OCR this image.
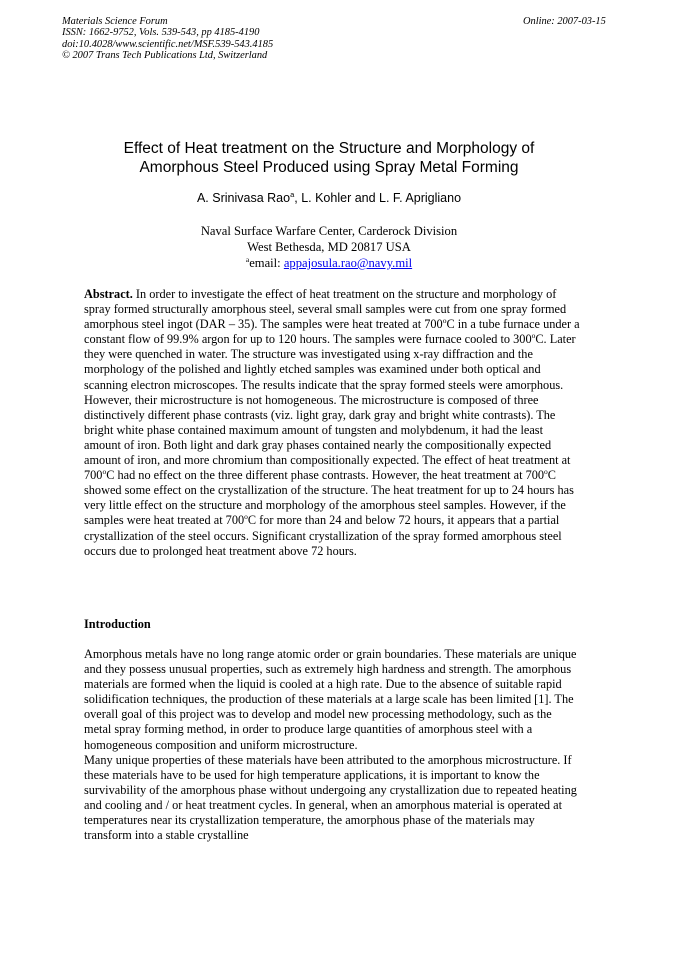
Materials Science Forum
ISSN: 1662-9752, Vols. 539-543, pp 4185-4190
doi:10.4028/www.scientific.net/MSF.539-543.4185
© 2007 Trans Tech Publications Ltd, Switzerland
Online: 2007-03-15
Effect of Heat treatment on the Structure and Morphology of
Amorphous Steel Produced using Spray Metal Forming
A. Srinivasa Rao$^a$, L. Kohler and L. F. Aprigliano
Naval Surface Warfare Center, Carderock Division
West Bethesda, MD 20817 USA
$^a$email: appajosula.rao@navy.mil

Abstract. In order to investigate the effect of heat treatment on the structure and morphology of spray formed structurally amorphous steel, several small samples were cut from one spray formed amorphous steel ingot (DAR – 35). The samples were heat treated at 700$^o$C in a tube furnace under a constant flow of 99.9% argon for up to 120 hours. The samples were furnace cooled to 300$^o$C. Later they were quenched in water. The structure was investigated using x-ray diffraction and the morphology of the polished and lightly etched samples was examined under both optical and scanning electron microscopes. The results indicate that the spray formed steels were amorphous. However, their microstructure is not homogeneous. The microstructure is composed of three distinctively different phase contrasts (viz. light gray, dark gray and bright white contrasts). The bright white phase contained maximum amount of tungsten and molybdenum, it had the least amount of iron. Both light and dark gray phases contained nearly the compositionally expected amount of iron, and more chromium than compositionally expected. The effect of heat treatment at 700$^o$C had no effect on the three different phase contrasts. However, the heat treatment at 700$^o$C showed some effect on the crystallization of the structure. The heat treatment for up to 24 hours has very little effect on the structure and morphology of the amorphous steel samples. However, if the samples were heat treated at 700$^o$C for more than 24 and below 72 hours, it appears that a partial crystallization of the steel occurs. Significant crystallization of the spray formed amorphous steel occurs due to prolonged heat treatment above 72 hours.

Introduction

Amorphous metals have no long range atomic order or grain boundaries. These materials are unique and they possess unusual properties, such as extremely high hardness and strength. The amorphous materials are formed when the liquid is cooled at a high rate. Due to the absence of suitable rapid solidification techniques, the production of these materials at a large scale has been limited [1]. The overall goal of this project was to develop and model new processing methodology, such as the metal spray forming method, in order to produce large quantities of amorphous steel with a homogeneous composition and uniform microstructure.

Many unique properties of these materials have been attributed to the amorphous microstructure. If these materials have to be used for high temperature applications, it is important to know the survivability of the amorphous phase without undergoing any crystallization due to repeated heating and cooling and / or heat treatment cycles. In general, when an amorphous material is operated at temperatures near its crystallization temperature, the amorphous phase of the materials may transform into a stable crystalline
